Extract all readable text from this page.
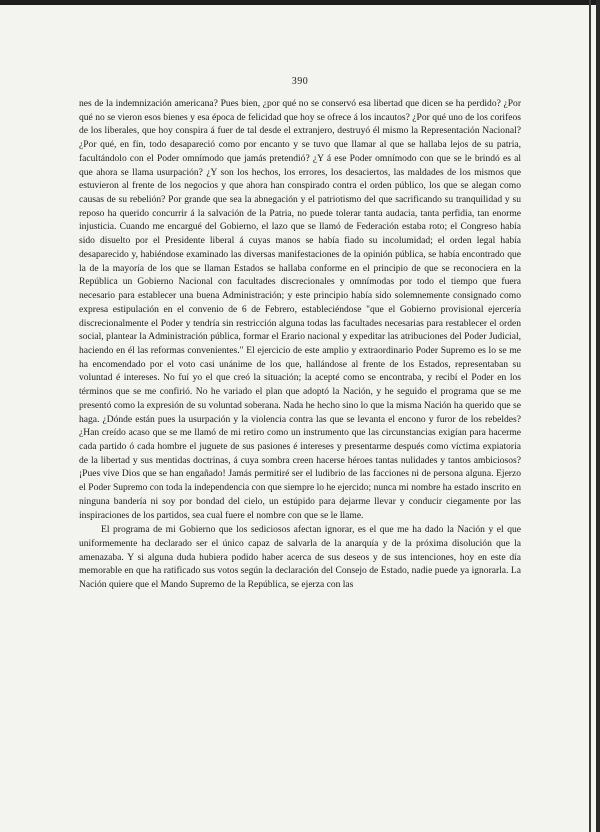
390

nes de la indemnización americana? Pues bien, ¿por qué no se conservó esa libertad que dicen se ha perdido? ¿Por qué no se vieron esos bienes y esa época de felicidad que hoy se ofrece á los incautos? ¿Por qué uno de los corifeos de los liberales, que hoy conspira á fuer de tal desde el extranjero, destruyó él mismo la Representación Nacional? ¿Por qué, en fin, todo desapareció como por encanto y se tuvo que llamar al que se hallaba lejos de su patria, facultándolo con el Poder omnímodo que jamás pretendió? ¿Y á ese Poder omnímodo con que se le brindó es al que ahora se llama usurpación? ¿Y son los hechos, los errores, los desaciertos, las maldades de los mismos que estuvieron al frente de los negocios y que ahora han conspirado contra el orden público, los que se alegan como causas de su rebelión? Por grande que sea la abnegación y el patriotismo del que sacrificando su tranquilidad y su reposo ha querido concurrir á la salvación de la Patria, no puede tolerar tanta audacia, tanta perfidia, tan enorme injusticia. Cuando me encargué del Gobierno, el lazo que se llamó de Federación estaba roto; el Congreso había sido disuelto por el Presidente liberal á cuyas manos se había fiado su incolumidad; el orden legal había desaparecido y, habiéndose examinado las diversas manifestaciones de la opinión pública, se había encontrado que la de la mayoría de los que se llaman Estados se hallaba conforme en el principio de que se reconociera en la República un Gobierno Nacional con facultades discrecionales y omnímodas por todo el tiempo que fuera necesario para establecer una buena Administración; y este principio había sido solemnemente consignado como expresa estipulación en el convenio de 6 de Febrero, estableciéndose "que el Gobierno provisional ejercería discrecionalmente el Poder y tendría sin restricción alguna todas las facultades necesarias para restablecer el orden social, plantear la Administración pública, formar el Erario nacional y expeditar las atribuciones del Poder Judicial, haciendo en él las reformas convenientes." El ejercicio de este amplio y extraordinario Poder Supremo es lo se me ha encomendado por el voto casi unánime de los que, hallándose al frente de los Estados, representaban su voluntad é intereses. No fuí yo el que creó la situación; la acepté como se encontraba, y recibí el Poder en los términos que se me confirió. No he variado el plan que adoptó la Nación, y he seguido el programa que se me presentó como la expresión de su voluntad soberana. Nada he hecho sino lo que la misma Nación ha querido que se haga. ¿Dónde están pues la usurpación y la violencia contra las que se levanta el encono y furor de los rebeldes? ¿Han creído acaso que se me llamó de mi retiro como un instrumento que las circunstancias exigían para hacerme cada partido ó cada hombre el juguete de sus pasiones é intereses y presentarme después como víctima expiatoria de la libertad y sus mentidas doctrinas, á cuya sombra creen hacerse héroes tantas nulidades y tantos ambiciosos? ¡Pues vive Dios que se han engañado! Jamás permitiré ser el ludibrio de las facciones ni de persona alguna. Ejerzo el Poder Supremo con toda la independencia con que siempre lo he ejercido; nunca mi nombre ha estado inscrito en ninguna bandería ni soy por bondad del cielo, un estúpido para dejarme llevar y conducir ciegamente por las inspiraciones de los partidos, sea cual fuere el nombre con que se le llame.

El programa de mi Gobierno que los sediciosos afectan ignorar, es el que me ha dado la Nación y el que uniformemente ha declarado ser el único capaz de salvarla de la anarquía y de la próxima disolución que la amenazaba. Y si alguna duda hubiera podido haber acerca de sus deseos y de sus intenciones, hoy en este día memorable en que ha ratificado sus votos según la declaración del Consejo de Estado, nadie puede ya ignorarla. La Nación quiere que el Mando Supremo de la República, se ejerza con las
